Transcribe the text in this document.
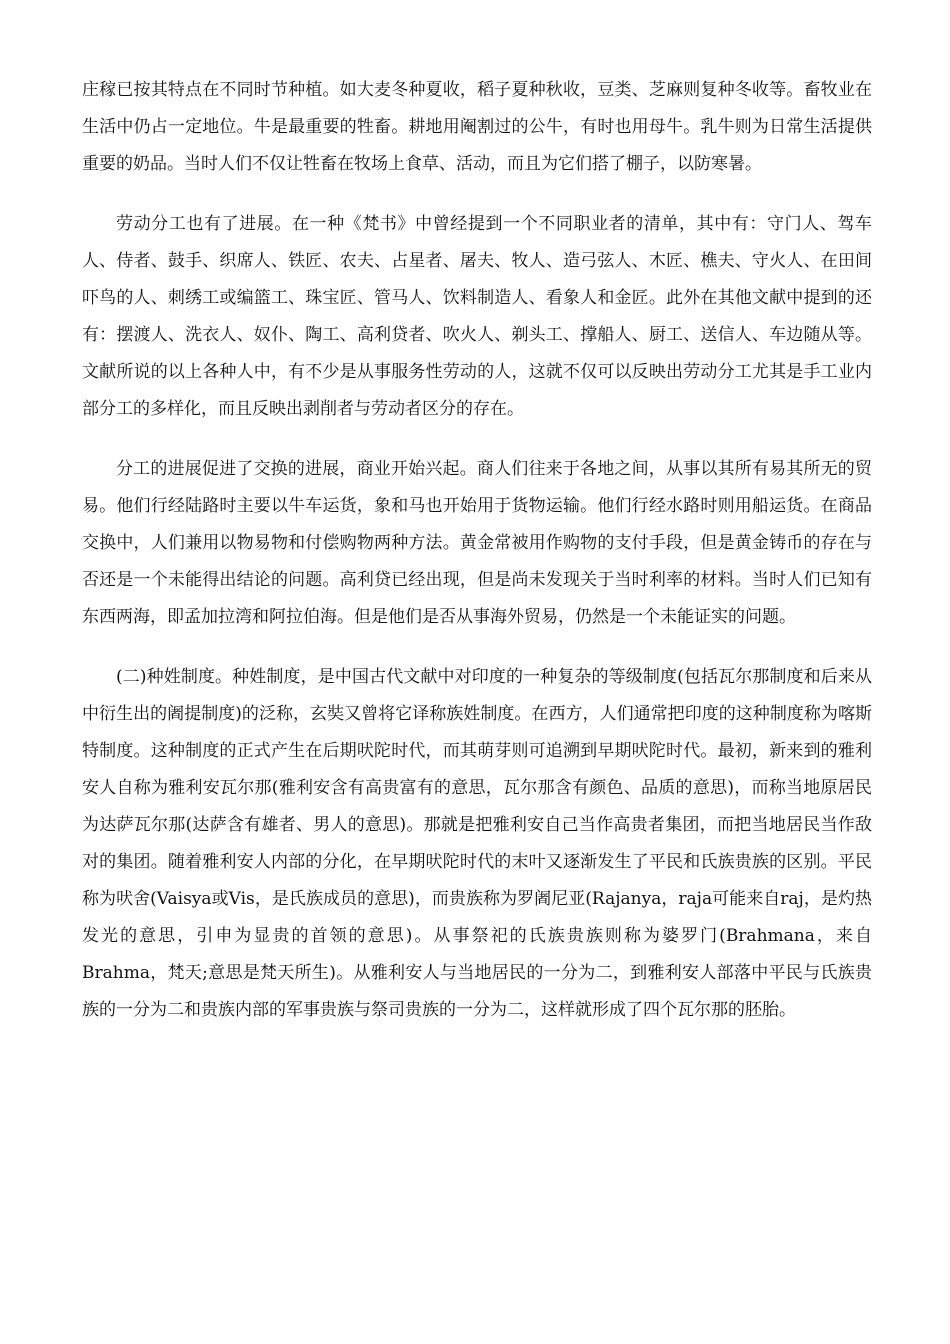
庄稼已按其特点在不同时节种植。如大麦冬种夏收，稻子夏种秋收，豆类、芝麻则复种冬收等。畜牧业在生活中仍占一定地位。牛是最重要的牲畜。耕地用阉割过的公牛，有时也用母牛。乳牛则为日常生活提供重要的奶品。当时人们不仅让牲畜在牧场上食草、活动，而且为它们搭了棚子，以防寒暑。

劳动分工也有了进展。在一种《梵书》中曾经提到一个不同职业者的清单，其中有：守门人、驾车人、侍者、鼓手、织席人、铁匠、农夫、占星者、屠夫、牧人、造弓弦人、木匠、樵夫、守火人、在田间吓鸟的人、刺绣工或编篮工、珠宝匠、管马人、饮料制造人、看象人和金匠。此外在其他文献中提到的还有：摆渡人、洗衣人、奴仆、陶工、高利贷者、吹火人、剃头工、撑船人、厨工、送信人、车边随从等。文献所说的以上各种人中，有不少是从事服务性劳动的人，这就不仅可以反映出劳动分工尤其是手工业内部分工的多样化，而且反映出剥削者与劳动者区分的存在。

分工的进展促进了交换的进展，商业开始兴起。商人们往来于各地之间，从事以其所有易其所无的贸易。他们行经陆路时主要以牛车运货，象和马也开始用于货物运输。他们行经水路时则用船运货。在商品交换中，人们兼用以物易物和付偿购物两种方法。黄金常被用作购物的支付手段，但是黄金铸币的存在与否还是一个未能得出结论的问题。高利贷已经出现，但是尚未发现关于当时利率的材料。当时人们已知有东西两海，即孟加拉湾和阿拉伯海。但是他们是否从事海外贸易，仍然是一个未能证实的问题。

(二)种姓制度。种姓制度，是中国古代文献中对印度的一种复杂的等级制度(包括瓦尔那制度和后来从中衍生出的阇提制度)的泛称，玄奘又曾将它译称族姓制度。在西方，人们通常把印度的这种制度称为喀斯特制度。这种制度的正式产生在后期吠陀时代，而其萌芽则可追溯到早期吠陀时代。最初，新来到的雅利安人自称为雅利安瓦尔那(雅利安含有高贵富有的意思，瓦尔那含有颜色、品质的意思)，而称当地原居民为达萨瓦尔那(达萨含有雄者、男人的意思)。那就是把雅利安自己当作高贵者集团，而把当地居民当作敌对的集团。随着雅利安人内部的分化，在早期吠陀时代的末叶又逐渐发生了平民和氏族贵族的区别。平民称为吠舍(Vaisya或Vis，是氏族成员的意思)，而贵族称为罗阇尼亚(Rajanya，raja可能来自raj，是灼热发光的意思，引申为显贵的首领的意思)。从事祭祀的氏族贵族则称为婆罗门(Brahmana，来自Brahma，梵天;意思是梵天所生)。从雅利安人与当地居民的一分为二，到雅利安人部落中平民与氏族贵族的一分为二和贵族内部的军事贵族与祭司贵族的一分为二，这样就形成了四个瓦尔那的胚胎。
